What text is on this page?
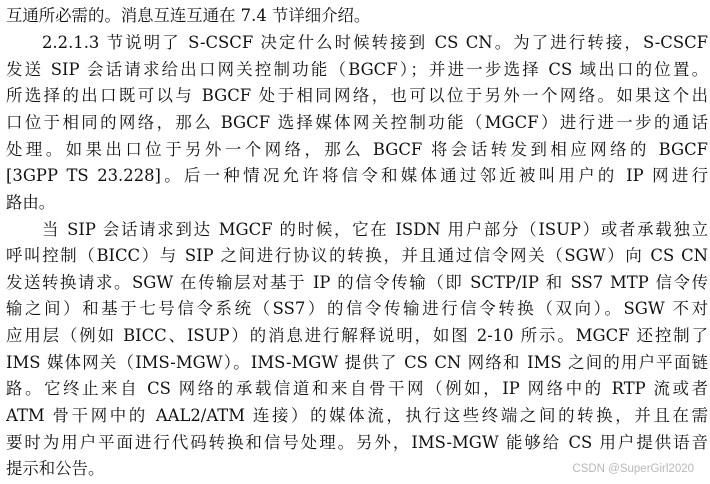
互通所必需的。消息互连互通在 7.4 节详细介绍。
2.2.1.3 节说明了 S-CSCF 决定什么时候转接到 CS CN。为了进行转接，S-CSCF
发送 SIP 会话请求给出口网关控制功能（BGCF）；并进一步选择 CS 域出口的位置。
所选择的出口既可以与 BGCF 处于相同网络，也可以位于另外一个网络。如果这个出
口位于相同的网络，那么 BGCF 选择媒体网关控制功能（MGCF）进行进一步的通话
处理。如果出口位于另外一个网络，那么 BGCF 将会话转发到相应网络的 BGCF
[3GPP TS 23.228]。后一种情况允许将信令和媒体通过邻近被叫用户的 IP 网进行
路由。
当 SIP 会话请求到达 MGCF 的时候，它在 ISDN 用户部分（ISUP）或者承载独立
呼叫控制（BICC）与 SIP 之间进行协议的转换，并且通过信令网关（SGW）向 CS CN
发送转换请求。SGW 在传输层对基于 IP 的信令传输（即 SCTP/IP 和 SS7 MTP 信令传
输之间）和基于七号信令系统（SS7）的信令传输进行信令转换（双向）。SGW 不对
应用层（例如 BICC、ISUP）的消息进行解释说明，如图 2-10 所示。MGCF 还控制了
IMS 媒体网关（IMS-MGW）。IMS-MGW 提供了 CS CN 网络和 IMS 之间的用户平面链
路。它终止来自 CS 网络的承载信道和来自骨干网（例如，IP 网络中的 RTP 流或者
ATM 骨干网中的 AAL2/ATM 连接）的媒体流，执行这些终端之间的转换，并且在需
要时为用户平面进行代码转换和信号处理。另外，IMS-MGW 能够给 CS 用户提供语音
提示和公告。	CSDN @SuperGirl2020
